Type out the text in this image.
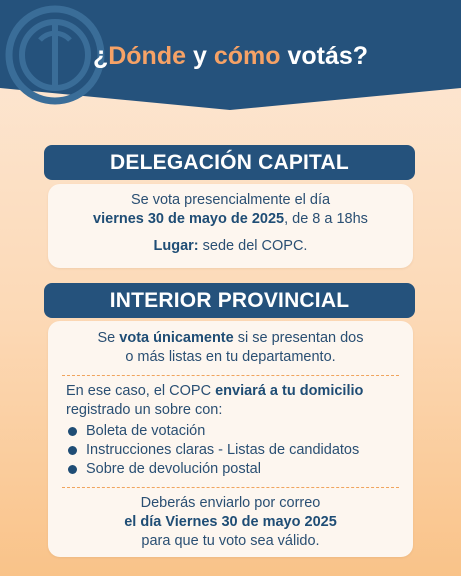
¿Dónde y cómo votás?
DELEGACIÓN CAPITAL
Se vota presencialmente el día
viernes 30 de mayo de 2025, de 8 a 18hs
Lugar: sede del COPC.
INTERIOR PROVINCIAL
Se vota únicamente si se presentan dos
o más listas en tu departamento.
En ese caso, el COPC enviará a tu domicilio
registrado un sobre con:
Boleta de votación
Instrucciones claras - Listas de candidatos
Sobre de devolución postal
Deberás enviarlo por correo
el día Viernes 30 de mayo 2025
para que tu voto sea válido.
